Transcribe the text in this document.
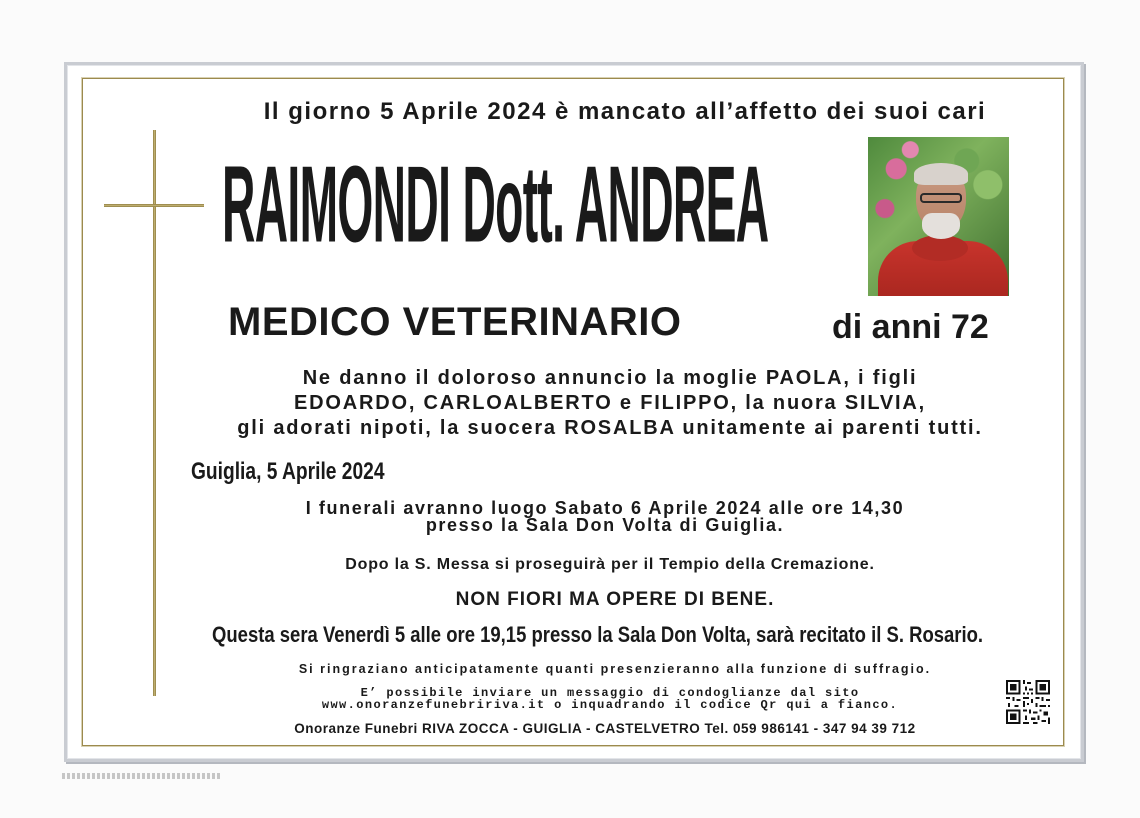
Il giorno 5 Aprile 2024 è mancato all’affetto dei suoi cari
RAIMONDI Dott. ANDREA
MEDICO VETERINARIO	di anni 72
Ne danno il doloroso annuncio la moglie PAOLA, i figli
EDOARDO, CARLOALBERTO e FILIPPO, la nuora SILVIA,
gli adorati nipoti, la suocera ROSALBA unitamente ai parenti tutti.
Guiglia, 5 Aprile 2024
I funerali avranno luogo Sabato 6 Aprile 2024 alle ore 14,30
presso la Sala Don Volta di Guiglia.
Dopo la S. Messa si proseguirà per il Tempio della Cremazione.
NON FIORI MA OPERE DI BENE.
Questa sera Venerdì 5 alle ore 19,15 presso la Sala Don Volta, sarà recitato il S. Rosario.
Si ringraziano anticipatamente quanti presenzieranno alla funzione di suffragio.
E’ possibile inviare un messaggio di condoglianze dal sito
www.onoranzefunebririva.it o inquadrando il codice Qr qui a fianco.
Onoranze Funebri RIVA ZOCCA - GUIGLIA - CASTELVETRO Tel. 059 986141 - 347 94 39 712
